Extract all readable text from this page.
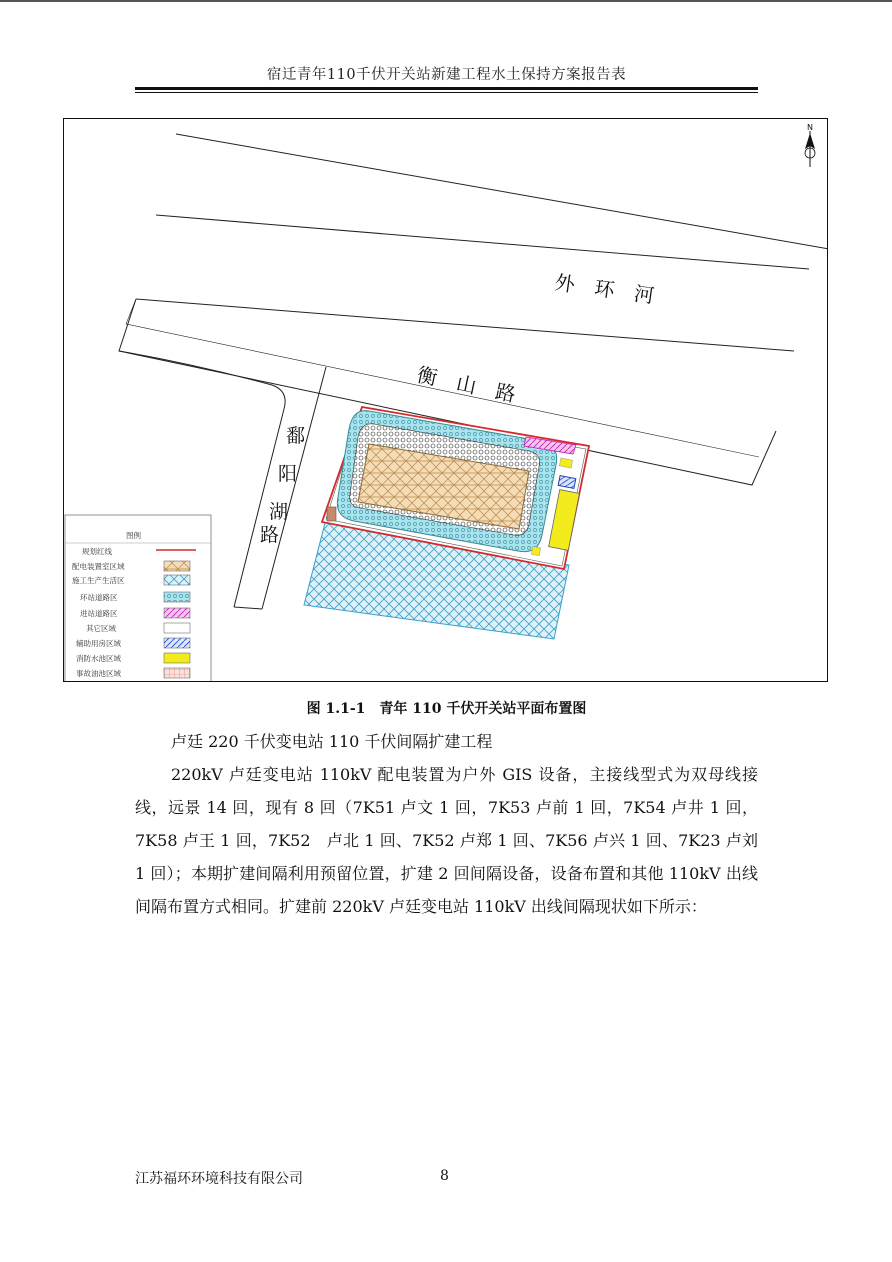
宿迁青年110千伏开关站新建工程水土保持方案报告表
外　环　河
衡　山　路
鄱
阳
湖
路
N
图例
规划红线
配电装置室区域
施工生产生活区
环站道路区
进站道路区
其它区域
辅助用房区域
消防水池区域
事故油池区域
图 1.1-1　青年 110 千伏开关站平面布置图
卢廷 220 千伏变电站 110 千伏间隔扩建工程
220kV 卢廷变电站 110kV 配电装置为户外 GIS 设备，主接线型式为双母线接线，远景 14 回，现有 8 回（7K51 卢文 1 回，7K53 卢前 1 回，7K54 卢井 1 回，7K58 卢王 1 回，7K52　卢北 1 回、7K52 卢郑 1 回、7K56 卢兴 1 回、7K23 卢刘 1 回）；本期扩建间隔利用预留位置，扩建 2 回间隔设备，设备布置和其他 110kV 出线间隔布置方式相同。扩建前 220kV 卢廷变电站 110kV 出线间隔现状如下所示：
江苏福环环境科技有限公司	8
